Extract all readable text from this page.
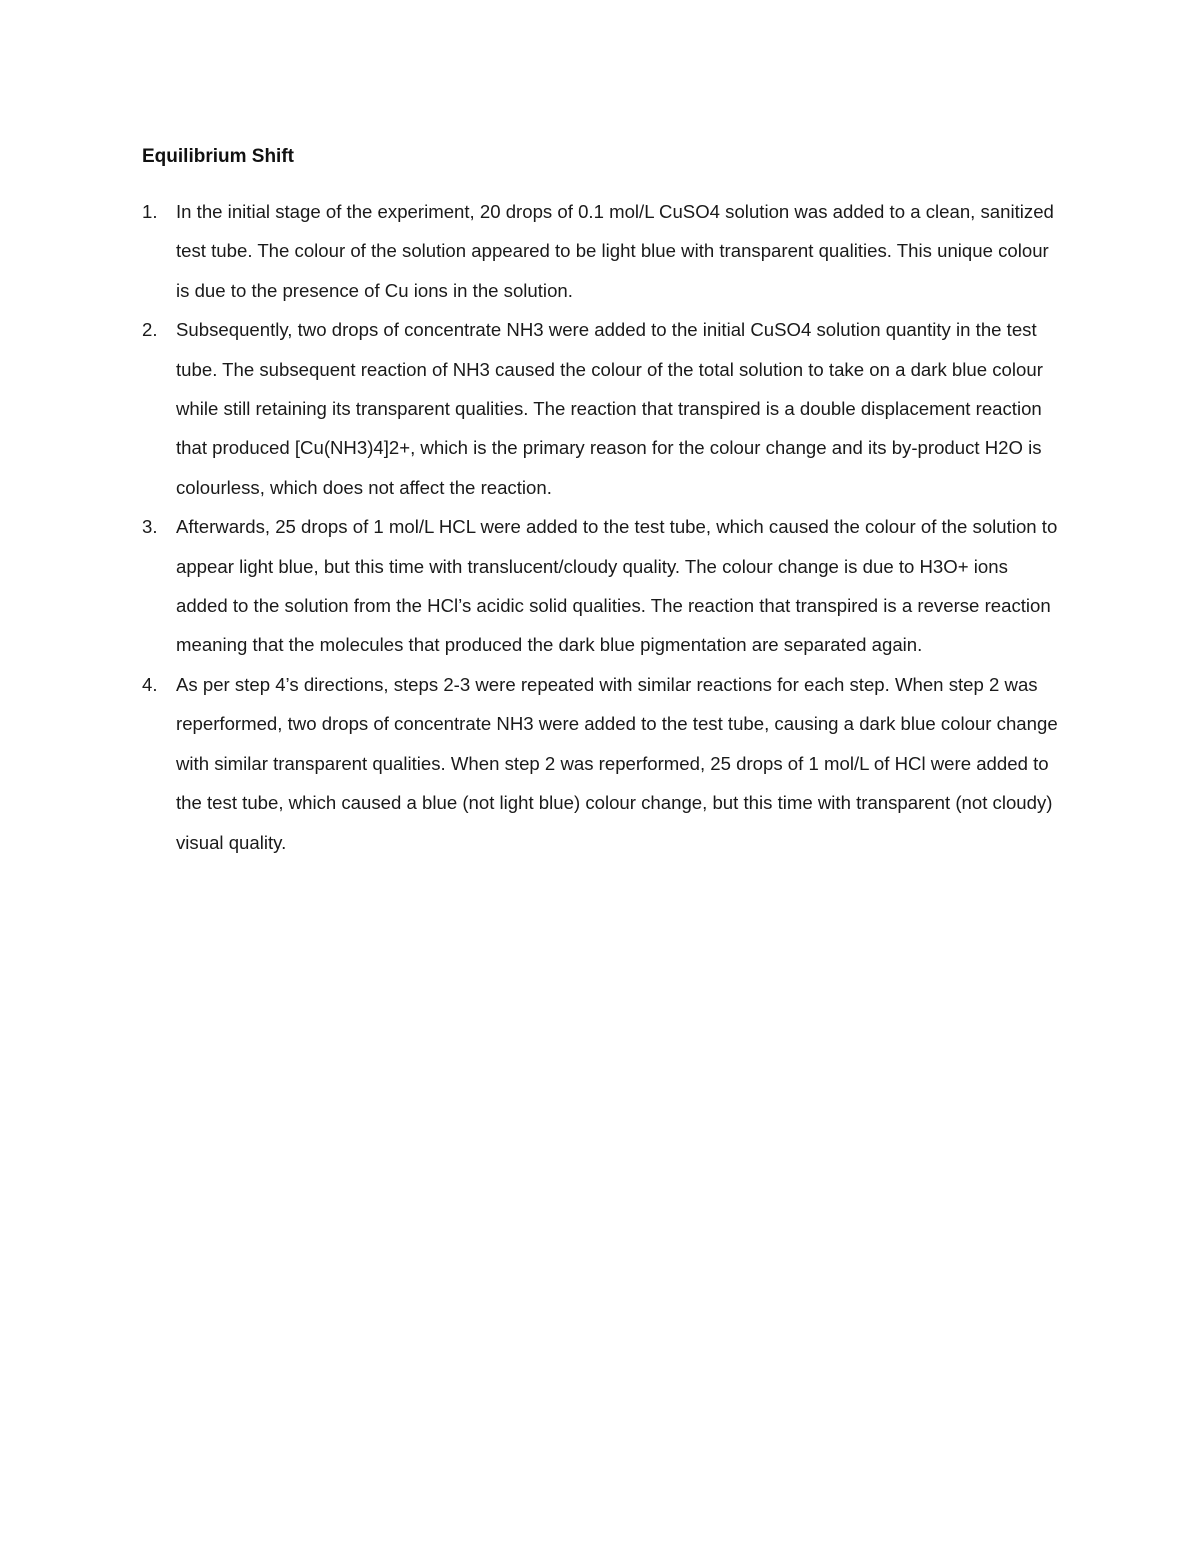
Equilibrium Shift
1. In the initial stage of the experiment, 20 drops of 0.1 mol/L CuSO4 solution was added to a clean, sanitized test tube. The colour of the solution appeared to be light blue with transparent qualities. This unique colour is due to the presence of Cu ions in the solution.
2. Subsequently, two drops of concentrate NH3 were added to the initial CuSO4 solution quantity in the test tube. The subsequent reaction of NH3 caused the colour of the total solution to take on a dark blue colour while still retaining its transparent qualities. The reaction that transpired is a double displacement reaction that produced [Cu(NH3)4]2+, which is the primary reason for the colour change and its by-product H2O is colourless, which does not affect the reaction.
3. Afterwards, 25 drops of 1 mol/L HCL were added to the test tube, which caused the colour of the solution to appear light blue, but this time with translucent/cloudy quality. The colour change is due to H3O+ ions added to the solution from the HCl’s acidic solid qualities. The reaction that transpired is a reverse reaction meaning that the molecules that produced the dark blue pigmentation are separated again.
4. As per step 4’s directions, steps 2-3 were repeated with similar reactions for each step. When step 2 was reperformed, two drops of concentrate NH3 were added to the test tube, causing a dark blue colour change with similar transparent qualities. When step 2 was reperformed, 25 drops of 1 mol/L of HCl were added to the test tube, which caused a blue (not light blue) colour change, but this time with transparent (not cloudy) visual quality.
